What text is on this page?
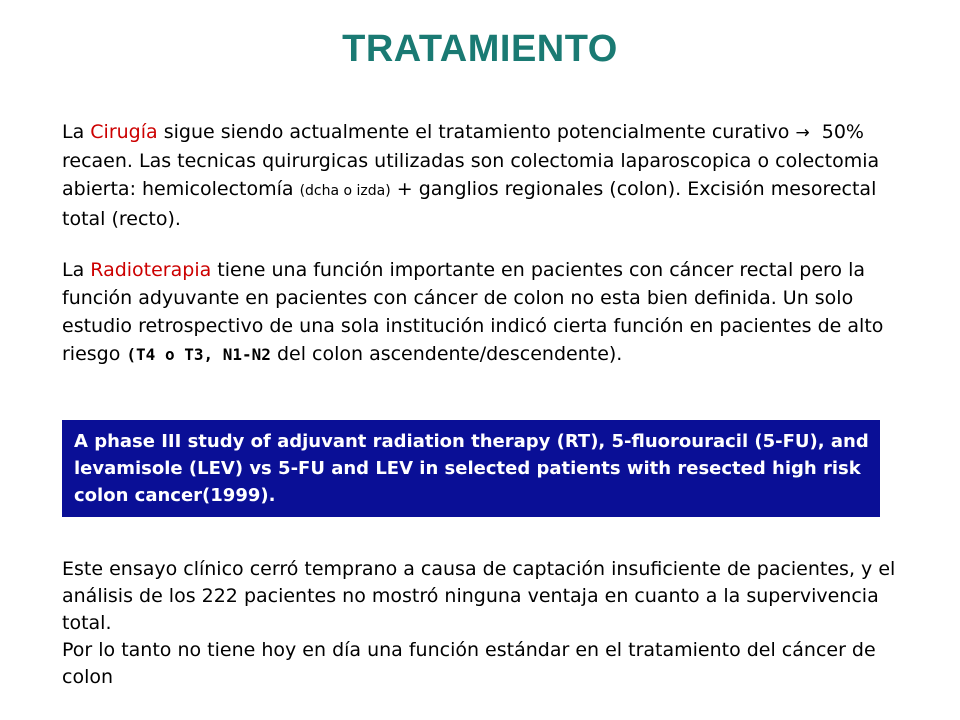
TRATAMIENTO

La Cirugía sigue siendo actualmente el tratamiento potencialmente curativo → 50% recaen. Las tecnicas quirurgicas utilizadas son colectomia laparoscopica o colectomia abierta: hemicolectomía (dcha o izda) + ganglios regionales (colon). Excisión mesorectal total (recto).

La Radioterapia tiene una función importante en pacientes con cáncer rectal pero la función adyuvante en pacientes con cáncer de colon no esta bien definida. Un solo estudio retrospectivo de una sola institución indicó cierta función en pacientes de alto riesgo (T4 o T3, N1-N2 del colon ascendente/descendente).

A phase III study of adjuvant radiation therapy (RT), 5-fluorouracil (5-FU), and levamisole (LEV) vs 5-FU and LEV in selected patients with resected high risk colon cancer(1999).

Este ensayo clínico cerró temprano a causa de captación insuficiente de pacientes, y el análisis de los 222 pacientes no mostró ninguna ventaja en cuanto a la supervivencia total.
Por lo tanto no tiene hoy en día una función estándar en el tratamiento del cáncer de colon
